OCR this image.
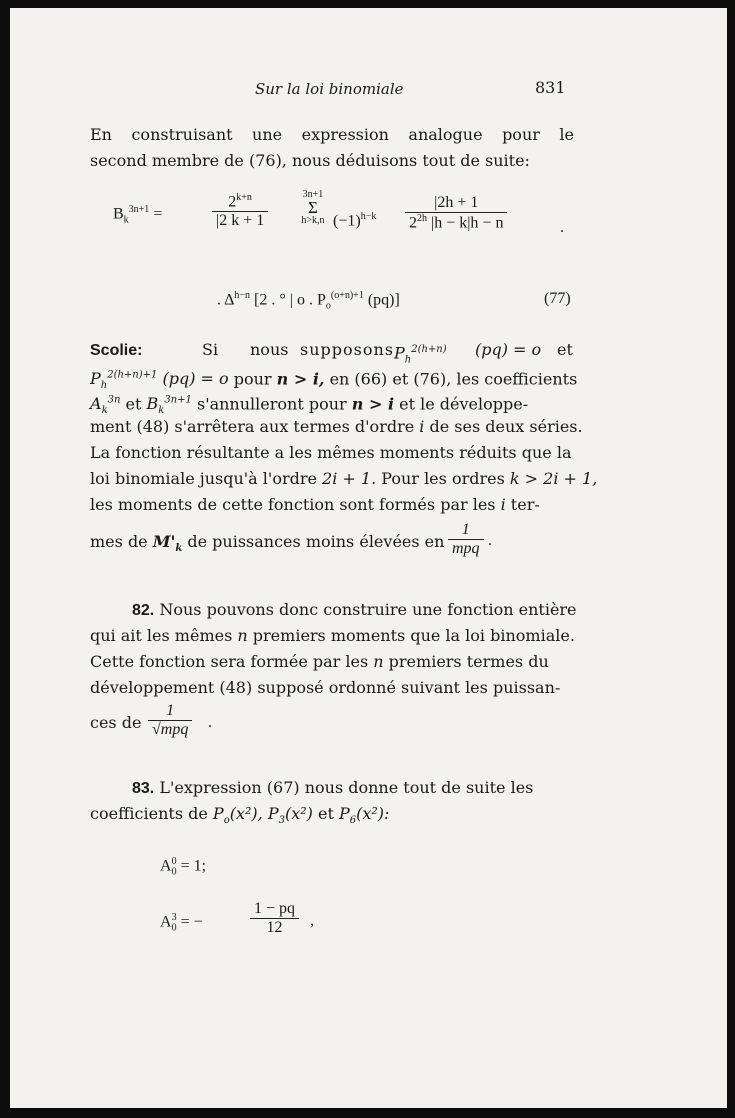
Sur la loi binomiale	831
En construisant une expression analogue pour le
second membre de (76), nous déduisons tout de suite:
$B_k^{3n+1}$ =	$\frac{2^{k+n}}{|2 k + 1}$	3n+1
Σ
h>k,n $(-1)^{h-k} \frac{|2h + 1}{2^{2h} |h - k|h - n}$	.
. $\Delta^{h-n}$ [2 . ° | o . $P_o^{(o+n)+1}$ (pq)]	(77)
Scolie:	Si nous supposons $P_h^{2(h+n)}$ (pq) = o et
$P_h^{2(h+n)+1}$ (pq) = o pour n > i, en (66) et (76), les coefficients
$A_k^{3n}$ et $B_k^{3n+1}$ s'annulleront pour n > i et le développe-
ment (48) s'arrêtera aux termes d'ordre i de ses deux séries.
La fonction résultante a les mêmes moments réduits que la
loi binomiale jusqu'à l'ordre 2i + 1. Pour les ordres k > 2i + 1,
les moments de cette fonction sont formés par les i ter-
mes de $M'_k$ de puissances moins élevées en $\frac{1}{\text{mpq}}$ .
82. Nous pouvons donc construire une fonction entière
qui ait les mêmes n premiers moments que la loi binomiale.
Cette fonction sera formée par les n premiers termes du
développement (48) supposé ordonné suivant les puissan-
ces de $\frac{1}{\text{√mpq}}$ .
83. L'expression (67) nous donne tout de suite les
coefficients de $P_o(x^2)$, $P_3(x^2)$ et $P_6(x^2)$:
$A_0^0 = 1$;
$A_0^3$ = −	$\frac{1 - pq}{12}$ ,
